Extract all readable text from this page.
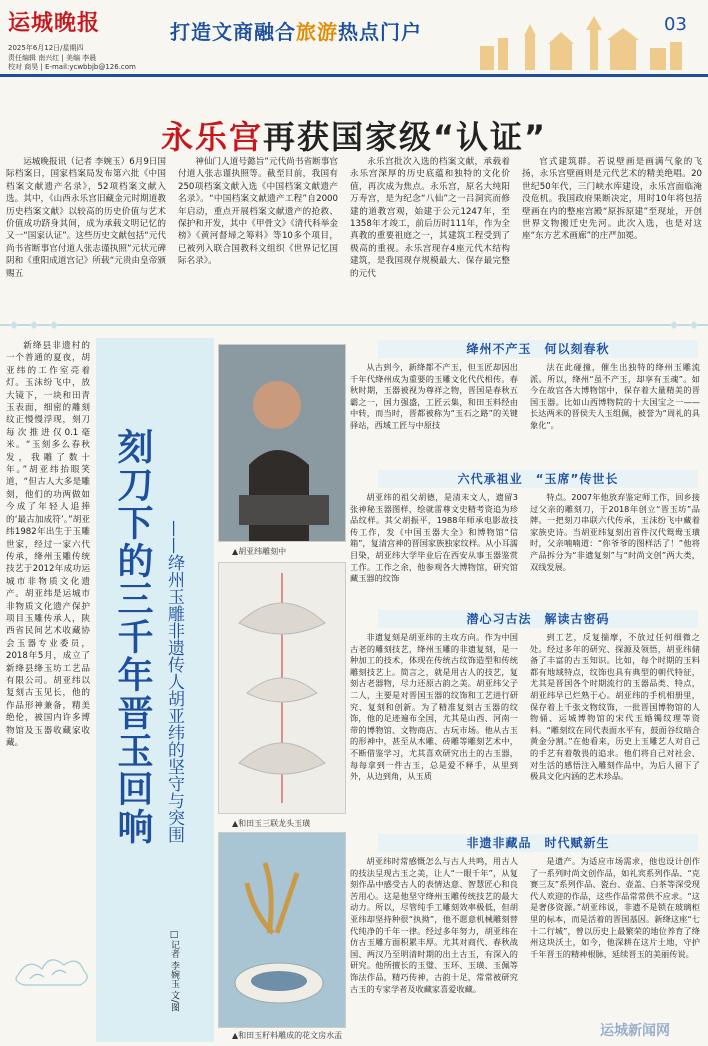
运城晚报
2025年6月12日/星期四
责任编辑 南兴红 | 美编 李晨
校对 商昊 | E-mail:ycwbbjb@126.com
打造文商融合旅游热点门户	03
永乐宫再获国家级“认证”

运城晚报讯（记者 李婉玉）6月9日国际档案日，国家档案局发布第六批《中国档案文献遗产名录》，52项档案文献入选。其中，《山西永乐宫旧藏金元时期道教历史档案文献》以较高的历史价值与艺术价值成功跻身其间，成为承载文明记忆的又一“国家认证”。这些历史文献包括“元代尚书省断事官付道人张志谨执照”元状元碑阴和《重阳成道宫记》所载“元贵由皇帝颁赐五

神仙门人道号懿旨”元代尚书省断事官付道人张志谨执照等。截至目前，我国有250项档案文献入选《中国档案文献遗产名录》。“中国档案文献遗产工程”自2000年启动，重点开展档案文献遗产的抢救、保护和开发，其中《甲骨文》《清代科举金榜》《黄河督埽之筹料》等10多个项目，已被列入联合国教科文组织《世界记忆国际名录》。

永乐宫批次入选的档案文献，承载着永乐宫深厚的历史底蕴和独特的文化价值，再次成为焦点。永乐宫，原名大纯阳万寿宫，是为纪念“八仙”之一吕洞宾而修建的道教宫观，始建于公元1247年，至1358年才竣工，前后历时111年，作为全真教的重要祖庭之一，其建筑工程受到了极高的重视。永乐宫现存4座元代木结构建筑，是我国现存规模最大、保存最完整的元代

官式建筑群。若说壁画是画满气象的飞扬，永乐宫壁画则是元代艺术的精美绝唱。20世纪50年代，三门峡水库建设，永乐宫面临淹没危机。我国政府果断决定，用时10年将包括壁画在内的整座宫殿“原拆原建”至现址，开创世界文物搬迁史先河。此次入选，也是对这座“东方艺术画廊”的庄严加冕。

新绛县非遗村的一个普通的夏夜，胡亚纬的工作室亮着灯。玉沫纷飞中，放大镜下，一块和田青玉表面，细密的雕刻纹正慢慢浮现，刻刀每次推进仅0.1毫米。“玉刻多么春秋发，我雕了数十年。”胡亚纬抬眼笑道，“但古人大多是雕刻，他们的功两做如今成了年轻人追捧的‘最古加成符’。”胡亚纬1982年出生于玉雕世家，经过一家六代传承，绛州玉雕传统技艺于2012年成功运城市非物质文化遗产。胡亚纬是运城市非物质文化遗产保护项目玉雕传承人，陕西省民间艺术收藏协会玉器专业委员，2018年5月，成立了新绛县绛玉坊工艺品有限公司。胡亚纬以复刻古玉见长，他的作品形神兼备，精美绝伦，被国内许多博物馆及玉器收藏家收藏。	刻刀下的三千年晋玉回响 ——绛州玉雕非遗传人胡亚纬的坚守与突围
□记者 李婉玉 文/图
▲胡亚纬雕刻中
▲和田玉三联龙头玉璜
▲和田玉籽料雕成的花文房水盂
绛州不产玉　何以刻春秋

从古到今，新绛都不产玉，但玉匠却因出千年代绛州成为重要的玉雕文化代代相传。春秋时期，玉器被视为尊祥之物，晋国是春秋五霸之一，国力强盛，工匠云集，和田玉料经由中转，而当时，晋都被称为“玉石之路”的关键驿站，西域工匠与中原技

法在此碰撞，催生出独特的绛州玉雕流派。所以，绛州“虽不产玉，却享有玉魂”。如今在故宫各大博物馆中，保存着大量精美的晋国玉器。比如山西博物院的十大国宝之一——长达两米的晋侯夫人玉组佩，被誉为“周礼的具象化”。

六代承祖业　“玉席”传世长

胡亚纬的祖父胡德，是清末文人，遗留3张神秘玉器图样，绘就雷尊文史精考资追为珍品纹样。其父胡振平，1988年师承电影故技传工作，发《中国玉器大全》和博物馆“信箱”，复清宫神的晋国家族独家纹样。从小耳濡目染，胡亚纬大学毕业后在西安从事玉器鉴赏工作。工作之余，他参观各大博物馆，研究馆藏玉器的纹饰

特点。2007年他放弃鉴定师工作，回乡接过父亲的雕刻刀，于2018年创立“晋玉坊”品牌。一把刻刀串联六代传承，玉沫纷飞中藏着家族史诗。当胡亚纬复刻出首件汉代鸳鸯玉璜时，父亲喃喃道：“你爷爷的图样活了！”他将产品拆分为“非遗复刻”与“时尚文创”两大类，双线发展。

潜心习古法　解读古密码

非遗复刻是胡亚纬的主攻方向。作为中国古老的雕刻技艺，绛州玉雕的非遗复刻，是一种加工的技术，体现在传统古纹饰造型和传统雕刻技艺上。简言之，就是用古人的技艺，复刻古老器物，尽力还原古韵之美。胡亚纬父子二人，主要是对晋国玉器的纹饰和工艺进行研究、复刻和创新。为了精准复刻古玉器的纹饰，他的足迹遍布全国，尤其是山西、河南一带的博物馆、文物商店、古玩市场。他从古玉的形神中，甚至从木雕、砖雕等雕刻艺术中，不断借鉴学习，尤其喜欢研究出土的古玉器，每每拿到一件古玉，总是爱不释手，从里到外，从边到角，从玉质

到工艺，反复揣摩，不放过任何细微之处。经过多年的研究、探源及领悟，胡亚纬储备了丰富的古玉知识。比如，每个时期的玉料都有地域特点，纹饰也具有典型的朝代特征，尤其是晋国各个时期流行的玉器品类、特点，胡亚纬早已烂熟于心。胡亚纬的手机相册里，保存着上千张文物纹饰，一批晋国博物馆的人物俑、运城博物馆的宋代玉婚镯纹理等资料。“雕刻纹在同代表面水平有，鼓面谷纹暗合黄金分割。”在他看来，历史上玉雕艺人对自己的手艺有着敬畏的追求。他们将自己对社会、对生活的感悟注入雕刻作品中，为后人留下了极具文化内涵的艺术珍品。

非遗非藏品　时代赋新生

胡亚纬时常感慨怎么与古人共鸣，用古人的技法呈现古玉之美，让人“一眼千年”，从复刻作品中感受古人的表情达意、智慧匠心和良苦用心。这是他坚守绛州玉雕传统技艺的最大动力。所以，尽管纯手工雕刻效率极低，但胡亚纬却坚持种很“执拗”，他不愿意机械雕刻替代纯净的千年一律。经过多年努力，胡亚纬在仿古玉雕方面积累丰厚。尤其对商代、春秋战国、两汉乃至明清时期的出土古玉，有深入的研究。他所擅长的玉璧、玉环、玉璜、玉佩等饰法作品，精巧传神，古韵十足，常常被研究古玉的专家学者及收藏家喜爱收藏。

是遗产。为适应市场需求，他也设计创作了一系列时尚文创作品，如礼宾系列作品、“克赛三友”系列作品、瓷台、壶盖、白茶等深受现代人欢迎的作品，这些作品常常供不应求。“这是奢侈资源。”胡亚纬说，非遗不是锁在玻璃柜里的标本，而是活着的晋国基因。新绛这座“七十二行城”，曾以历史上最繁荣的地位养育了绛州这块沃土，如今，他深耕在这片土地，守护千年晋玉的精神根脉，延续晋玉的美丽传说。

运城新闻网
